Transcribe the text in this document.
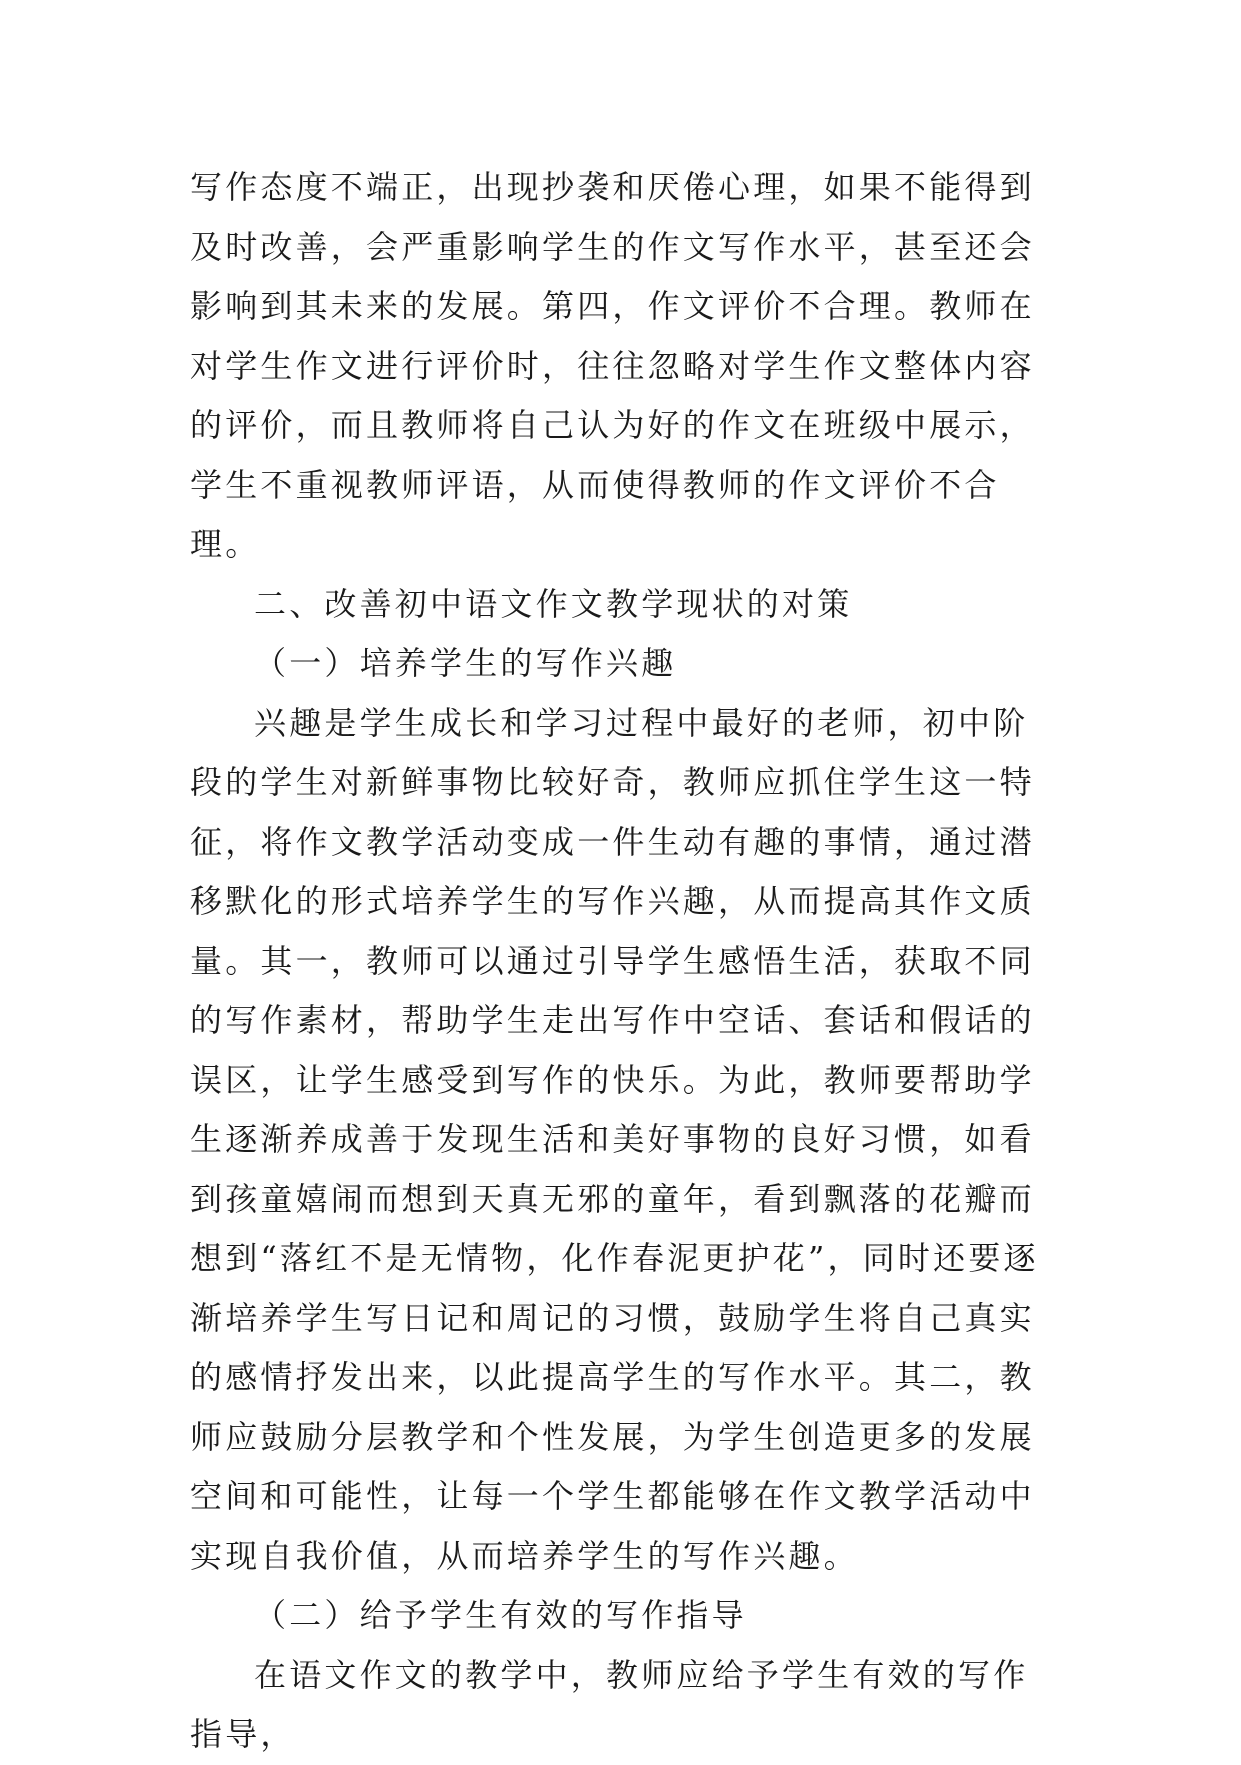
写作态度不端正，出现抄袭和厌倦心理，如果不能得到及时改善，会严重影响学生的作文写作水平，甚至还会影响到其未来的发展。第四，作文评价不合理。教师在对学生作文进行评价时，往往忽略对学生作文整体内容的评价，而且教师将自己认为好的作文在班级中展示，学生不重视教师评语，从而使得教师的作文评价不合理。

二、改善初中语文作文教学现状的对策

（一）培养学生的写作兴趣

兴趣是学生成长和学习过程中最好的老师，初中阶段的学生对新鲜事物比较好奇，教师应抓住学生这一特征，将作文教学活动变成一件生动有趣的事情，通过潜移默化的形式培养学生的写作兴趣，从而提高其作文质量。其一，教师可以通过引导学生感悟生活，获取不同的写作素材，帮助学生走出写作中空话、套话和假话的误区，让学生感受到写作的快乐。为此，教师要帮助学生逐渐养成善于发现生活和美好事物的良好习惯，如看到孩童嬉闹而想到天真无邪的童年，看到飘落的花瓣而想到“落红不是无情物，化作春泥更护花”，同时还要逐渐培养学生写日记和周记的习惯，鼓励学生将自己真实的感情抒发出来，以此提高学生的写作水平。其二，教师应鼓励分层教学和个性发展，为学生创造更多的发展空间和可能性，让每一个学生都能够在作文教学活动中实现自我价值，从而培养学生的写作兴趣。

（二）给予学生有效的写作指导

在语文作文的教学中，教师应给予学生有效的写作指导，
